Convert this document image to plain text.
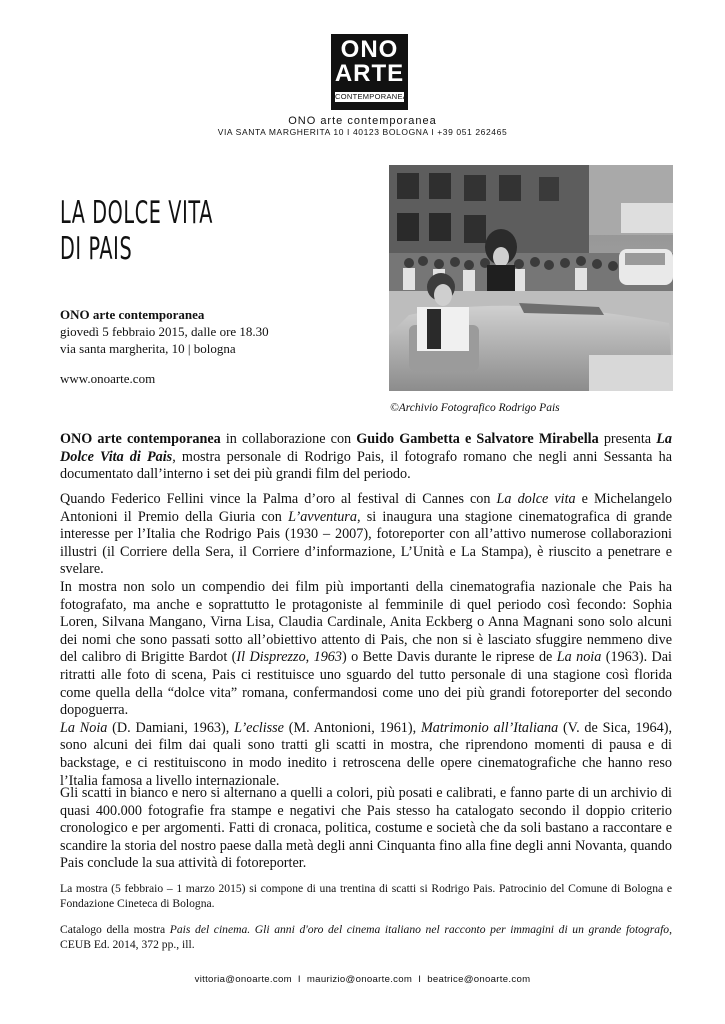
ONO
ARTE
CONTEMPORANEA
ONO arte contemporanea
VIA SANTA MARGHERITA 10 I 40123 BOLOGNA I +39 051 262465
LA DOLCE VITA
DI PAIS
ONO arte contemporanea
giovedì 5 febbraio 2015, dalle ore 18.30
via santa margherita, 10 | bologna
www.onoarte.com
©Archivio Fotografico Rodrigo Pais
ONO arte contemporanea in collaborazione con Guido Gambetta e Salvatore Mirabella presenta La Dolce Vita di Pais, mostra personale di Rodrigo Pais, il fotografo romano che negli anni Sessanta ha documentato dall’interno i set dei più grandi film del periodo.
Quando Federico Fellini vince la Palma d’oro al festival di Cannes con La dolce vita e Michelangelo Antonioni il Premio della Giuria con L’avventura, si inaugura una stagione cinematografica di grande interesse per l’Italia che Rodrigo Pais (1930 – 2007), fotoreporter con all’attivo numerose collaborazioni illustri (il Corriere della Sera, il Corriere d’informazione, L’Unità e La Stampa), è riuscito a penetrare e svelare.
In mostra non solo un compendio dei film più importanti della cinematografia nazionale che Pais ha fotografato, ma anche e soprattutto le protagoniste al femminile di quel periodo così fecondo: Sophia Loren, Silvana Mangano, Virna Lisa, Claudia Cardinale, Anita Eckberg o Anna Magnani sono solo alcuni dei nomi che sono passati sotto all’obiettivo attento di Pais, che non si è lasciato sfuggire nemmeno dive del calibro di Brigitte Bardot (Il Disprezzo, 1963) o Bette Davis durante le riprese de La noia (1963). Dai ritratti alle foto di scena, Pais ci restituisce uno sguardo del tutto personale di una stagione così florida come quella della “dolce vita” romana, confermandosi come uno dei più grandi fotoreporter del secondo dopoguerra.
La Noia (D. Damiani, 1963), L’eclisse (M. Antonioni, 1961), Matrimonio all’Italiana (V. de Sica, 1964), sono alcuni dei film dai quali sono tratti gli scatti in mostra, che riprendono momenti di pausa e di backstage, e ci restituiscono in modo inedito i retroscena delle opere cinematografiche che hanno reso l’Italia famosa a livello internazionale.
Gli scatti in bianco e nero si alternano a quelli a colori, più posati e calibrati, e fanno parte di un archivio di quasi 400.000 fotografie fra stampe e negativi che Pais stesso ha catalogato secondo il doppio criterio cronologico e per argomenti. Fatti di cronaca, politica, costume e società che da soli bastano a raccontare e scandire la storia del nostro paese dalla metà degli anni Cinquanta fino alla fine degli anni Novanta, quando Pais conclude la sua attività di fotoreporter.
La mostra (5 febbraio – 1 marzo 2015) si compone di una trentina di scatti si Rodrigo Pais. Patrocinio del Comune di Bologna e Fondazione Cineteca di Bologna.
Catalogo della mostra Pais del cinema. Gli anni d'oro del cinema italiano nel racconto per immagini di un grande fotografo, CEUB Ed. 2014, 372 pp., ill.
vittoria@onoarte.com I maurizio@onoarte.com I beatrice@onoarte.com
